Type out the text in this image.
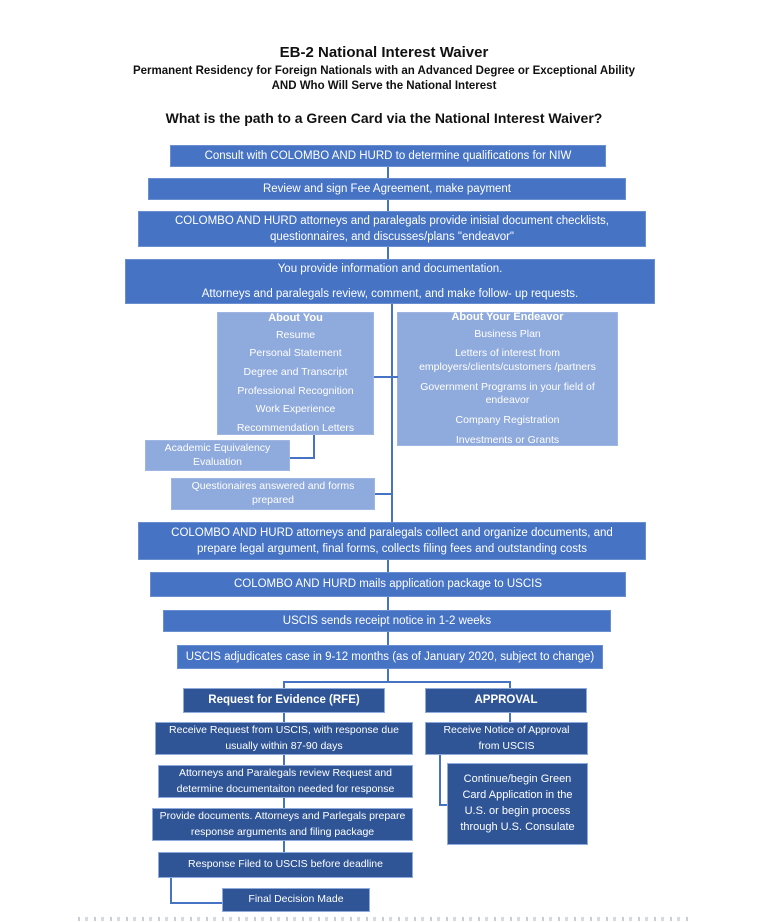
EB-2 National Interest Waiver
Permanent Residency for Foreign Nationals with an Advanced Degree or Exceptional Ability
AND Who Will Serve the National Interest
What is the path to a Green Card via the National Interest Waiver?
Consult with COLOMBO AND HURD to determine qualifications for NIW
Review and sign Fee Agreement, make payment
COLOMBO AND HURD attorneys and paralegals provide inisial document checklists, questionnaires, and discusses/plans "endeavor"
You provide information and documentation.
Attorneys and paralegals review, comment, and make follow- up requests.
About You
Resume
Personal Statement
Degree and Transcript
Professional Recognition
Work Experience
Recommendation Letters
About Your Endeavor
Business Plan
Letters of interest from employers/clients/customers /partners
Government Programs in your field of endeavor
Company Registration
Investments or Grants
Academic Equivalency Evaluation
Questionaires answered and forms prepared
COLOMBO AND HURD attorneys and paralegals collect and organize documents, and prepare legal argument, final forms, collects filing fees and outstanding costs
COLOMBO AND HURD mails application package to USCIS
USCIS sends receipt notice in 1-2 weeks
USCIS adjudicates case in 9-12 months (as of January 2020, subject to change)
Request for Evidence (RFE)	APPROVAL
Receive Request from USCIS, with response due usually within 87-90 days
Attorneys and Paralegals review Request and determine documentaiton needed for response
Provide documents. Attorneys and Parlegals prepare response arguments and filing package
Response Filed to USCIS before deadline
Final Decision Made
Receive Notice of Approval from USCIS
Continue/begin Green Card Application in the U.S. or begin process through U.S. Consulate
